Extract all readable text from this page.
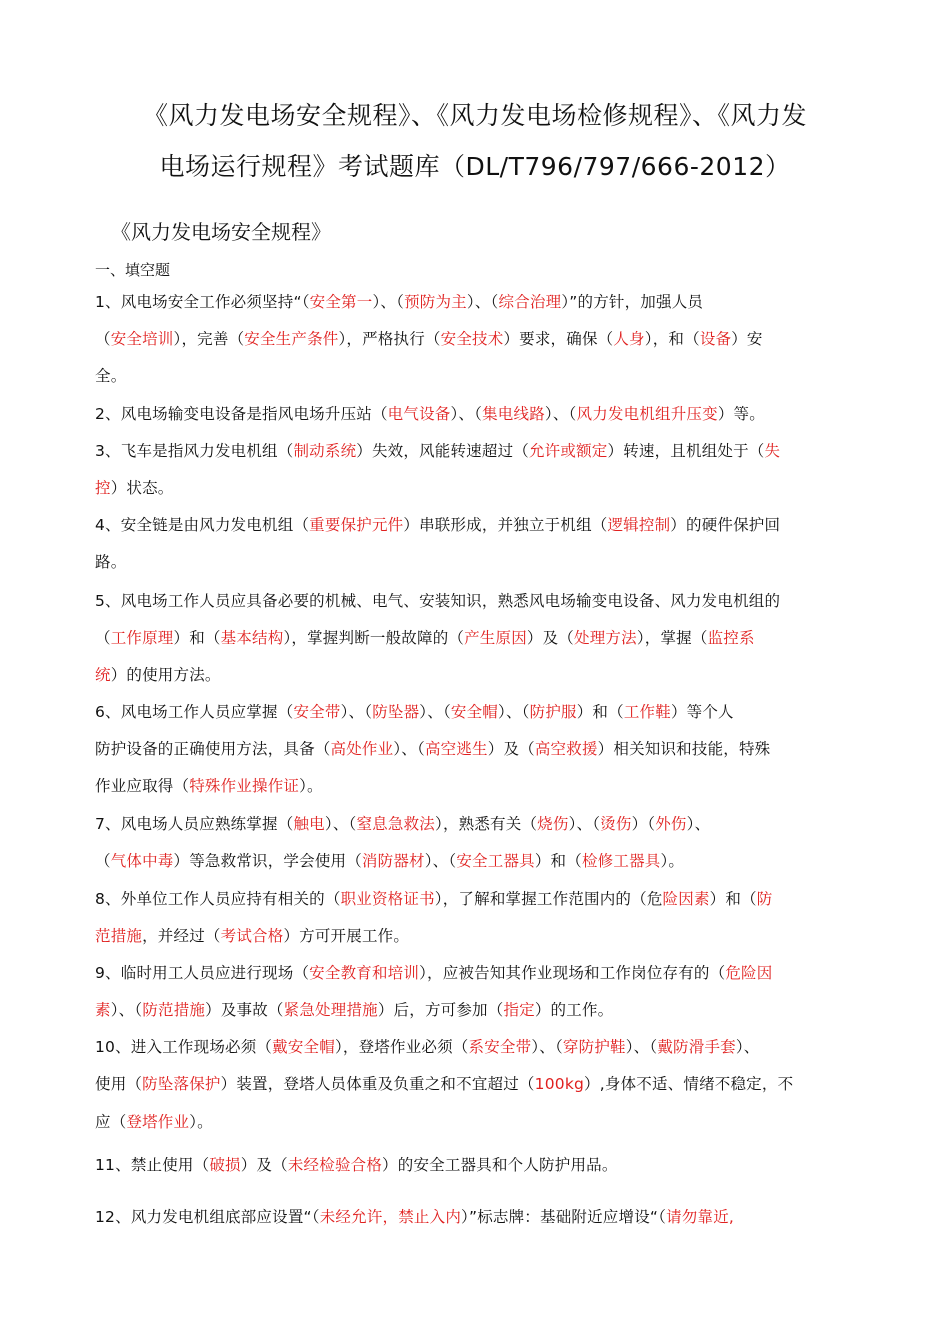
《风力发电场安全规程》、《风力发电场检修规程》、《风力发
电场运行规程》考试题库（DL/T796/797/666-2012）
《风力发电场安全规程》
一、填空题
1、风电场安全工作必须坚持“（安全第一）、（预防为主）、（综合治理）”的方针，加强人员
（安全培训），完善（安全生产条件），严格执行（安全技术）要求，确保（人身），和（设备）安
全。
2、风电场输变电设备是指风电场升压站（电气设备）、（集电线路）、（风力发电机组升压变）等。
3、飞车是指风力发电机组（制动系统）失效，风能转速超过（允许或额定）转速，且机组处于（失
控）状态。
4、安全链是由风力发电机组（重要保护元件）串联形成，并独立于机组（逻辑控制）的硬件保护回
路。
5、风电场工作人员应具备必要的机械、电气、安装知识，熟悉风电场输变电设备、风力发电机组的
（工作原理）和（基本结构），掌握判断一般故障的（产生原因）及（处理方法），掌握（监控系
统）的使用方法。
6、风电场工作人员应掌握（安全带）、（防坠器）、（安全帽）、（防护服）和（工作鞋）等个人
防护设备的正确使用方法，具备（高处作业）、（高空逃生）及（高空救援）相关知识和技能，特殊
作业应取得（特殊作业操作证）。
7、风电场人员应熟练掌握（触电）、（窒息急救法），熟悉有关（烧伤）、（烫伤）（外伤）、
（气体中毒）等急救常识，学会使用（消防器材）、（安全工器具）和（检修工器具）。
8、外单位工作人员应持有相关的（职业资格证书），了解和掌握工作范围内的（危险因素）和（防
范措施，并经过（考试合格）方可开展工作。
9、临时用工人员应进行现场（安全教育和培训），应被告知其作业现场和工作岗位存有的（危险因
素）、（防范措施）及事故（紧急处理措施）后，方可参加（指定）的工作。
10、进入工作现场必须（戴安全帽），登塔作业必须（系安全带）、（穿防护鞋）、（戴防滑手套）、
使用（防坠落保护）装置，登塔人员体重及负重之和不宜超过（100kg）,身体不适、情绪不稳定，不
应（登塔作业）。
11、禁止使用（破损）及（未经检验合格）的安全工器具和个人防护用品。
12、风力发电机组底部应设置“（未经允许，禁止入内）”标志牌：基础附近应增设“（请勿靠近,
